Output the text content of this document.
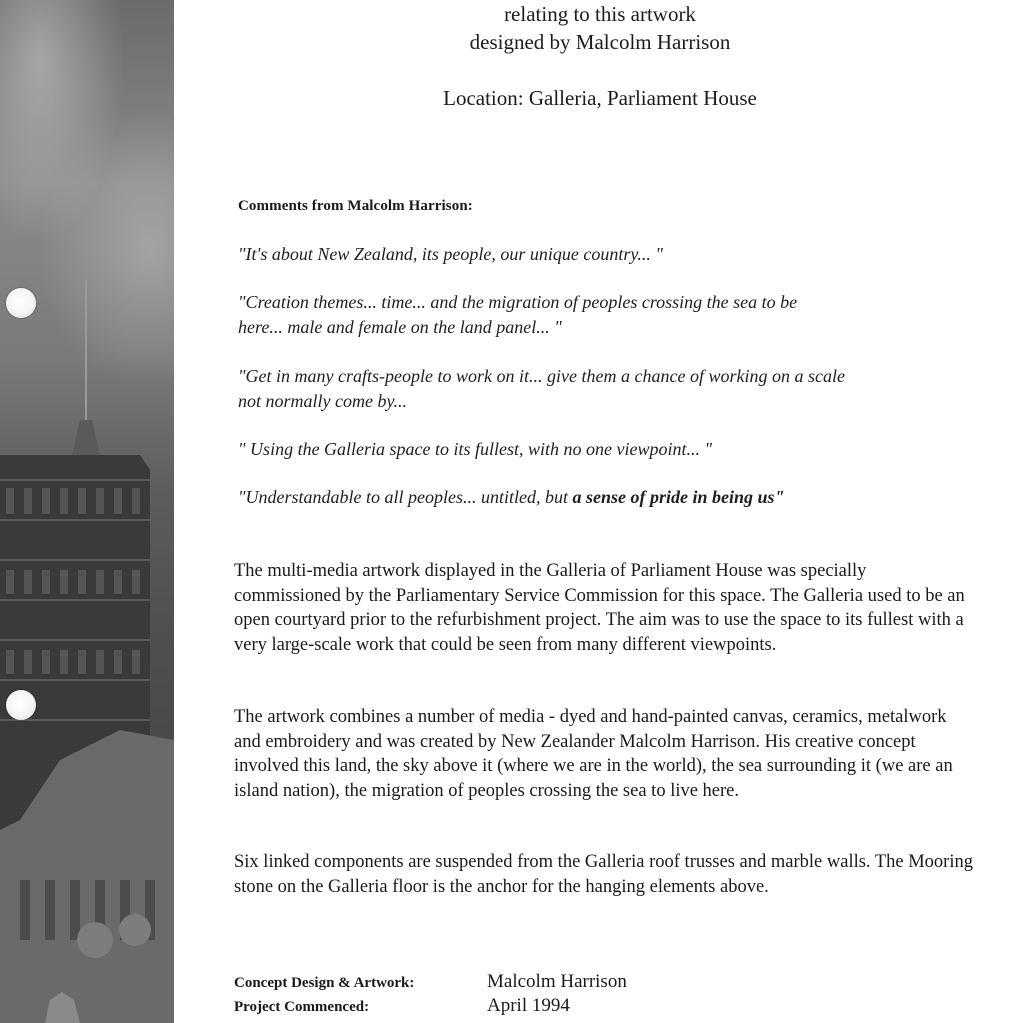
relating to this artwork
designed by Malcolm Harrison
Location: Galleria, Parliament House
Comments from Malcolm Harrison:
"It's about New Zealand, its people, our unique country... "
"Creation themes... time... and the migration of peoples crossing the sea to be
here... male and female on the land panel... "
"Get in many crafts-people to work on it... give them a chance of working on a scale
not normally come by...
" Using the Galleria space to its fullest, with no one viewpoint... "
"Understandable to all peoples... untitled, but a sense of pride in being us"
The multi-media artwork displayed in the Galleria of Parliament House was specially commissioned by the Parliamentary Service Commission for this space. The Galleria used to be an open courtyard prior to the refurbishment project. The aim was to use the space to its fullest with a very large-scale work that could be seen from many different viewpoints.
The artwork combines a number of media - dyed and hand-painted canvas, ceramics, metalwork and embroidery and was created by New Zealander Malcolm Harrison. His creative concept involved this land, the sky above it (where we are in the world), the sea surrounding it (we are an island nation), the migration of peoples crossing the sea to live here.
Six linked components are suspended from the Galleria roof trusses and marble walls. The Mooring stone on the Galleria floor is the anchor for the hanging elements above.
Concept Design & Artwork:	Malcolm Harrison
Project Commenced:	April 1994
